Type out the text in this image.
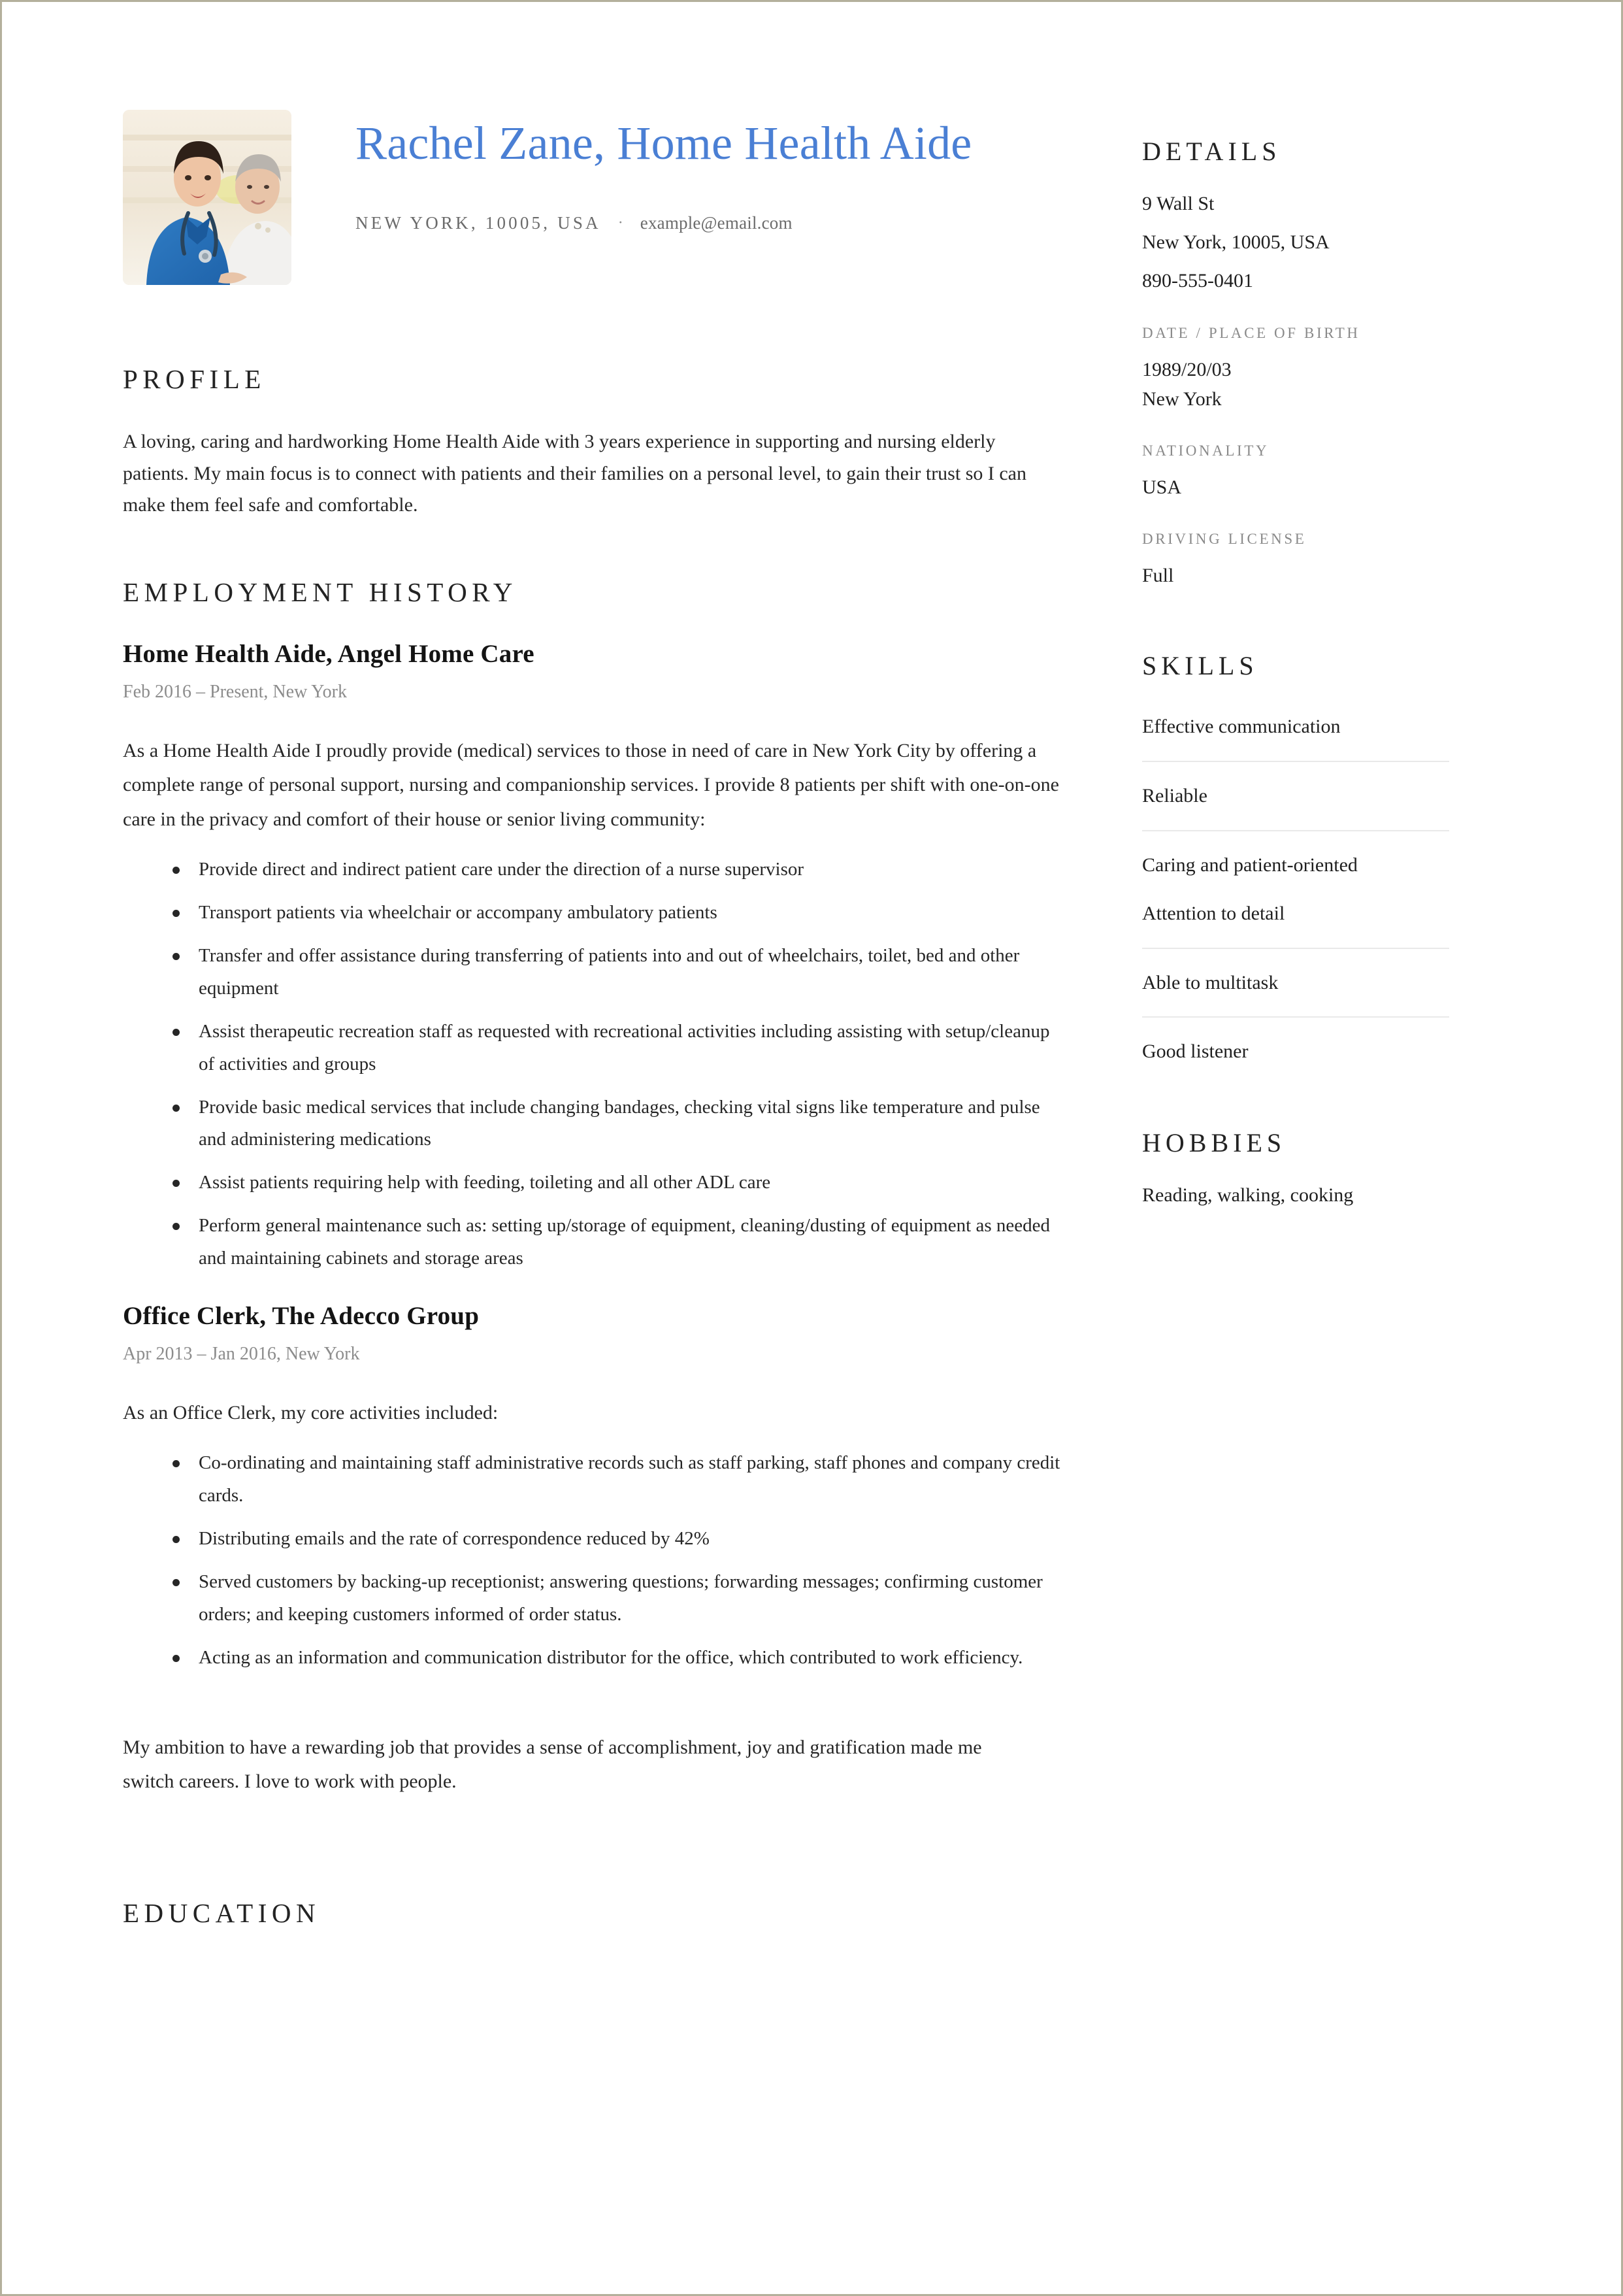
Rachel Zane, Home Health Aide
NEW YORK, 10005, USA	· example@email.com
PROFILE

A loving, caring and hardworking Home Health Aide with 3 years experience in supporting and nursing elderly patients. My main focus is to connect with patients and their families on a personal level, to gain their trust so I can make them feel safe and comfortable.

EMPLOYMENT HISTORY
Home Health Aide, Angel Home Care

Feb 2016 – Present, New York

As a Home Health Aide I proudly provide (medical) services to those in need of care in New York City by offering a complete range of personal support, nursing and companionship services. I provide 8 patients per shift with one-on-one care in the privacy and comfort of their house or senior living community:

Provide direct and indirect patient care under the direction of a nurse supervisor
Transport patients via wheelchair or accompany ambulatory patients
Transfer and offer assistance during transferring of patients into and out of wheelchairs, toilet, bed and other equipment
Assist therapeutic recreation staff as requested with recreational activities including assisting with setup/cleanup of activities and groups
Provide basic medical services that include changing bandages, checking vital signs like temperature and pulse and administering medications
Assist patients requiring help with feeding, toileting and all other ADL care
Perform general maintenance such as: setting up/storage of equipment, cleaning/dusting of equipment as needed and maintaining cabinets and storage areas
Office Clerk, The Adecco Group

Apr 2013 – Jan 2016, New York

As an Office Clerk, my core activities included:

Co-ordinating and maintaining staff administrative records such as staff parking, staff phones and company credit cards.
Distributing emails and the rate of correspondence reduced by 42%
Served customers by backing-up receptionist; answering questions; forwarding messages; confirming customer orders; and keeping customers informed of order status.
Acting as an information and communication distributor for the office, which contributed to work efficiency.

My ambition to have a rewarding job that provides a sense of accomplishment, joy and gratification made me switch careers. I love to work with people.

EDUCATION
DETAILS

9 Wall St

New York, 10005, USA

890-555-0401

DATE / PLACE OF BIRTH

1989/20/03

New York

NATIONALITY

USA

DRIVING LICENSE

Full

SKILLS
Effective communication
Reliable
Caring and patient-oriented
Attention to detail
Able to multitask
Good listener
HOBBIES

Reading, walking, cooking
